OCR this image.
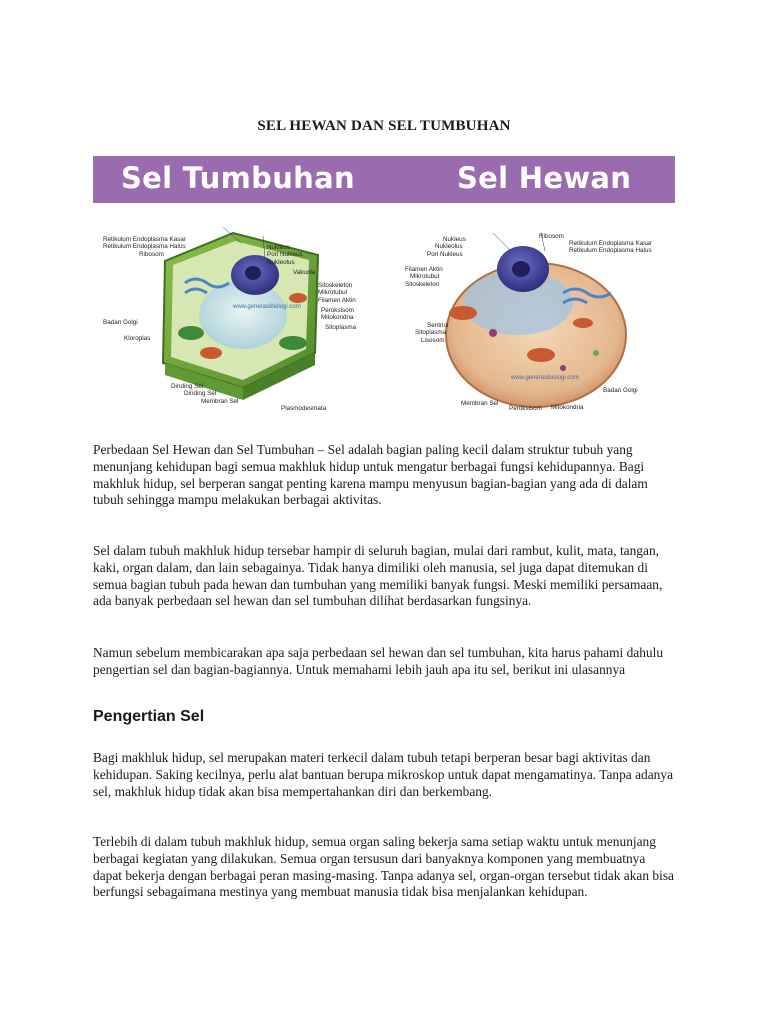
SEL HEWAN DAN SEL TUMBUHAN
Sel Tumbuhan	Sel Hewan
www.generasibiologi.com
www.generasibiologi.com
Retikulum Endoplasma Kasar
Retikulum Endoplasma Halus
Ribosom
Nukleus
Pori Nukleus
Nukleolus
Vakuola
Sitoskeleton
Mikrotubul
Filamen Aktin
Peroksisom
Mitokondria
Sitoplasma
Badan Golgi
Kloroplas
Dinding Sel
Dinding Sel
Membran Sel
Plasmodesmata
Nukleus
Nukleolus
Pori Nukleus
Ribosom
Retikulum Endoplasma Kasar
Retikulum Endoplasma Halus
Filamen Aktin
Mikrotubul
Sitoskeleton
Sentriol
Sitoplasma
Lisosom
Badan Golgi
Membran Sel
Peroksisom Mitokondria
Perbedaan Sel Hewan dan Sel Tumbuhan – Sel adalah bagian paling kecil dalam struktur tubuh yang menunjang kehidupan bagi semua makhluk hidup untuk mengatur berbagai fungsi kehidupannya. Bagi makhluk hidup, sel berperan sangat penting karena mampu menyusun bagian-bagian yang ada di dalam tubuh sehingga mampu melakukan berbagai aktivitas.
Sel dalam tubuh makhluk hidup tersebar hampir di seluruh bagian, mulai dari rambut, kulit, mata, tangan, kaki, organ dalam, dan lain sebagainya. Tidak hanya dimiliki oleh manusia, sel juga dapat ditemukan di semua bagian tubuh pada hewan dan tumbuhan yang memiliki banyak fungsi. Meski memiliki persamaan, ada banyak perbedaan sel hewan dan sel tumbuhan dilihat berdasarkan fungsinya.
Namun sebelum membicarakan apa saja perbedaan sel hewan dan sel tumbuhan, kita harus pahami dahulu pengertian sel dan bagian-bagiannya. Untuk memahami lebih jauh apa itu sel, berikut ini ulasannya
Pengertian Sel
Bagi makhluk hidup, sel merupakan materi terkecil dalam tubuh tetapi berperan besar bagi aktivitas dan kehidupan. Saking kecilnya, perlu alat bantuan berupa mikroskop untuk dapat mengamatinya. Tanpa adanya sel, makhluk hidup tidak akan bisa mempertahankan diri dan berkembang.
Terlebih di dalam tubuh makhluk hidup, semua organ saling bekerja sama setiap waktu untuk menunjang berbagai kegiatan yang dilakukan. Semua organ tersusun dari banyaknya komponen yang membuatnya dapat bekerja dengan berbagai peran masing-masing. Tanpa adanya sel, organ-organ tersebut tidak akan bisa berfungsi sebagaimana mestinya yang membuat manusia tidak bisa menjalankan kehidupan.
